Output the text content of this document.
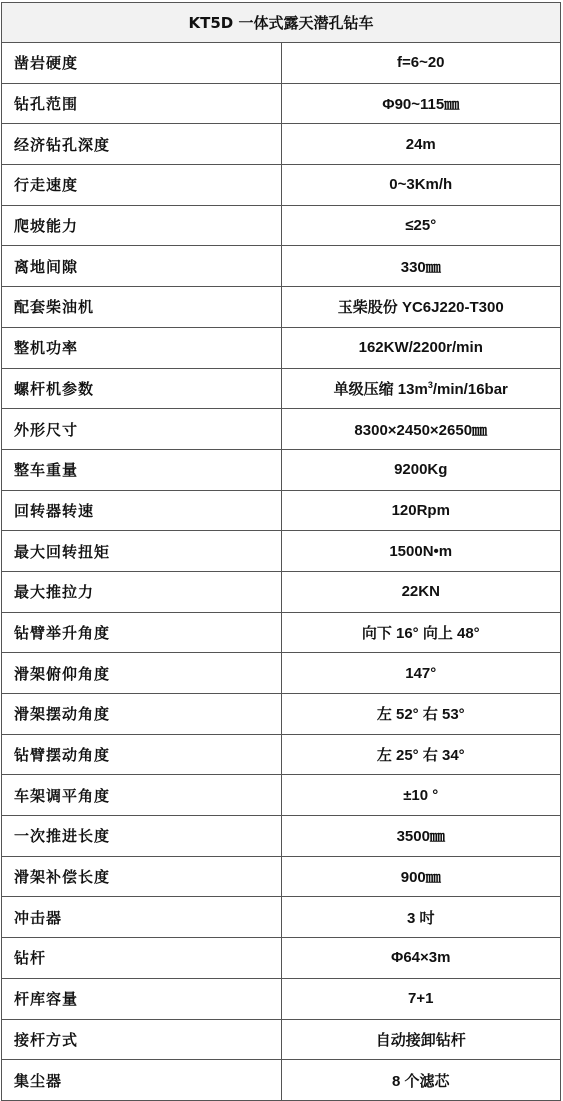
KT5D 一体式露天潜孔钻车	
凿岩硬度	f=6~20
钻孔范围	Φ90~115㎜
经济钻孔深度	24m
行走速度	0~3Km/h
爬坡能力	≤25°
离地间隙	330㎜
配套柴油机	玉柴股份 YC6J220-T300
整机功率	162KW/2200r/min
螺杆机参数	单级压缩 $13m^3/\min/16bar$
外形尺寸	8300×2450×2650㎜
整车重量	9200Kg
回转器转速	120Rpm
最大回转扭矩	1500N•m
最大推拉力	22KN
钻臂举升角度	向下 16° 向上 48°
滑架俯仰角度	147°
滑架摆动角度	左 52° 右 53°
钻臂摆动角度	左 25° 右 34°
车架调平角度	±10 °
一次推进长度	3500㎜
滑架补偿长度	900㎜
冲击器	3 吋
钻杆	Φ64×3m
杆库容量	7+1
接杆方式	自动接卸钻杆
集尘器	8 个滤芯
